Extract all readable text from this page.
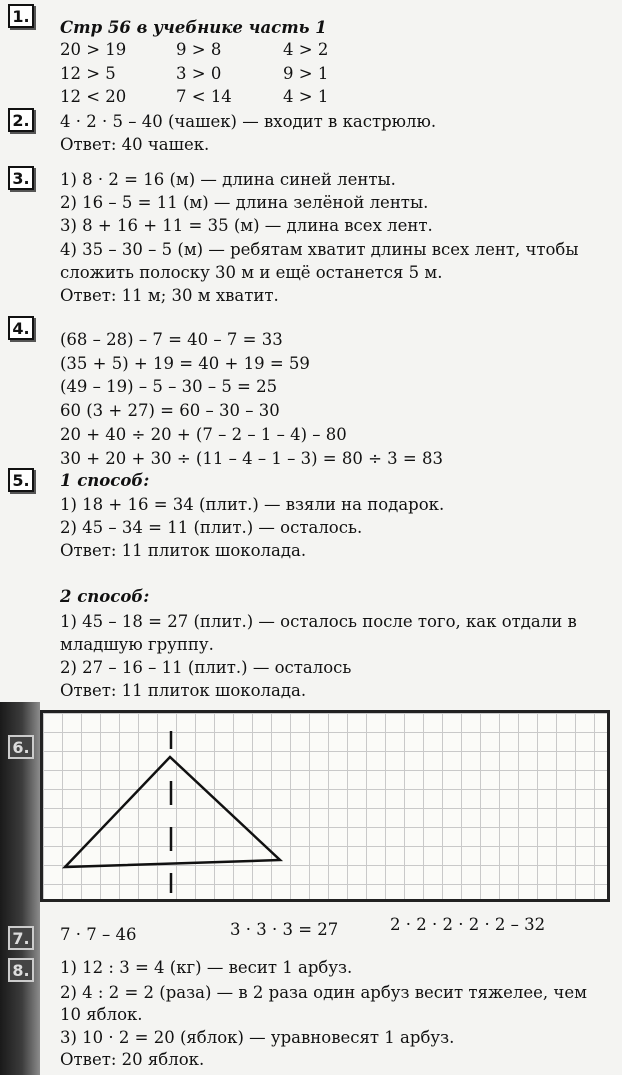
1.
Стр 56 в учебнике часть 1
20 > 19	9 > 8	4 > 2
12 > 5	3 > 0	9 > 1
12 < 20	7 < 14	4 > 1
2. 4 · 2 · 5 – 40 (чашек) — входит в кастрюлю.
Ответ: 40 чашек.
3. 1) 8 · 2 = 16 (м) — длина синей ленты.
2) 16 – 5 = 11 (м) — длина зелёной ленты.
3) 8 + 16 + 11 = 35 (м) — длина всех лент.
4) 35 – 30 – 5 (м) — ребятам хватит длины всех лент, чтобы
сложить полоску 30 м и ещё останется 5 м.
Ответ: 11 м; 30 м хватит.
4.
(68 – 28) – 7 = 40 – 7 = 33
(35 + 5) + 19 = 40 + 19 = 59
(49 – 19) – 5 – 30 – 5 = 25
60 (3 + 27) = 60 – 30 – 30
20 + 40 ÷ 20 + (7 – 2 – 1 – 4) – 80
30 + 20 + 30 ÷ (11 – 4 – 1 – 3) = 80 ÷ 3 = 83
5. 1 способ:
1) 18 + 16 = 34 (плит.) — взяли на подарок.
2) 45 – 34 = 11 (плит.) — осталось.
Ответ: 11 плиток шоколада.
2 способ:
1) 45 – 18 = 27 (плит.) — осталось после того, как отдали в
младшую группу.
2) 27 – 16 – 11 (плит.) — осталось
Ответ: 11 плиток шоколада.
6.
7. 7 · 7 – 46	3 · 3 · 3 = 27	2 · 2 · 2 · 2 · 2 – 32
8. 1) 12 : 3 = 4 (кг) — весит 1 арбуз.
2) 4 : 2 = 2 (раза) — в 2 раза один арбуз весит тяжелее, чем
10 яблок.
3) 10 · 2 = 20 (яблок) — уравновесят 1 арбуз.
Ответ: 20 яблок.
